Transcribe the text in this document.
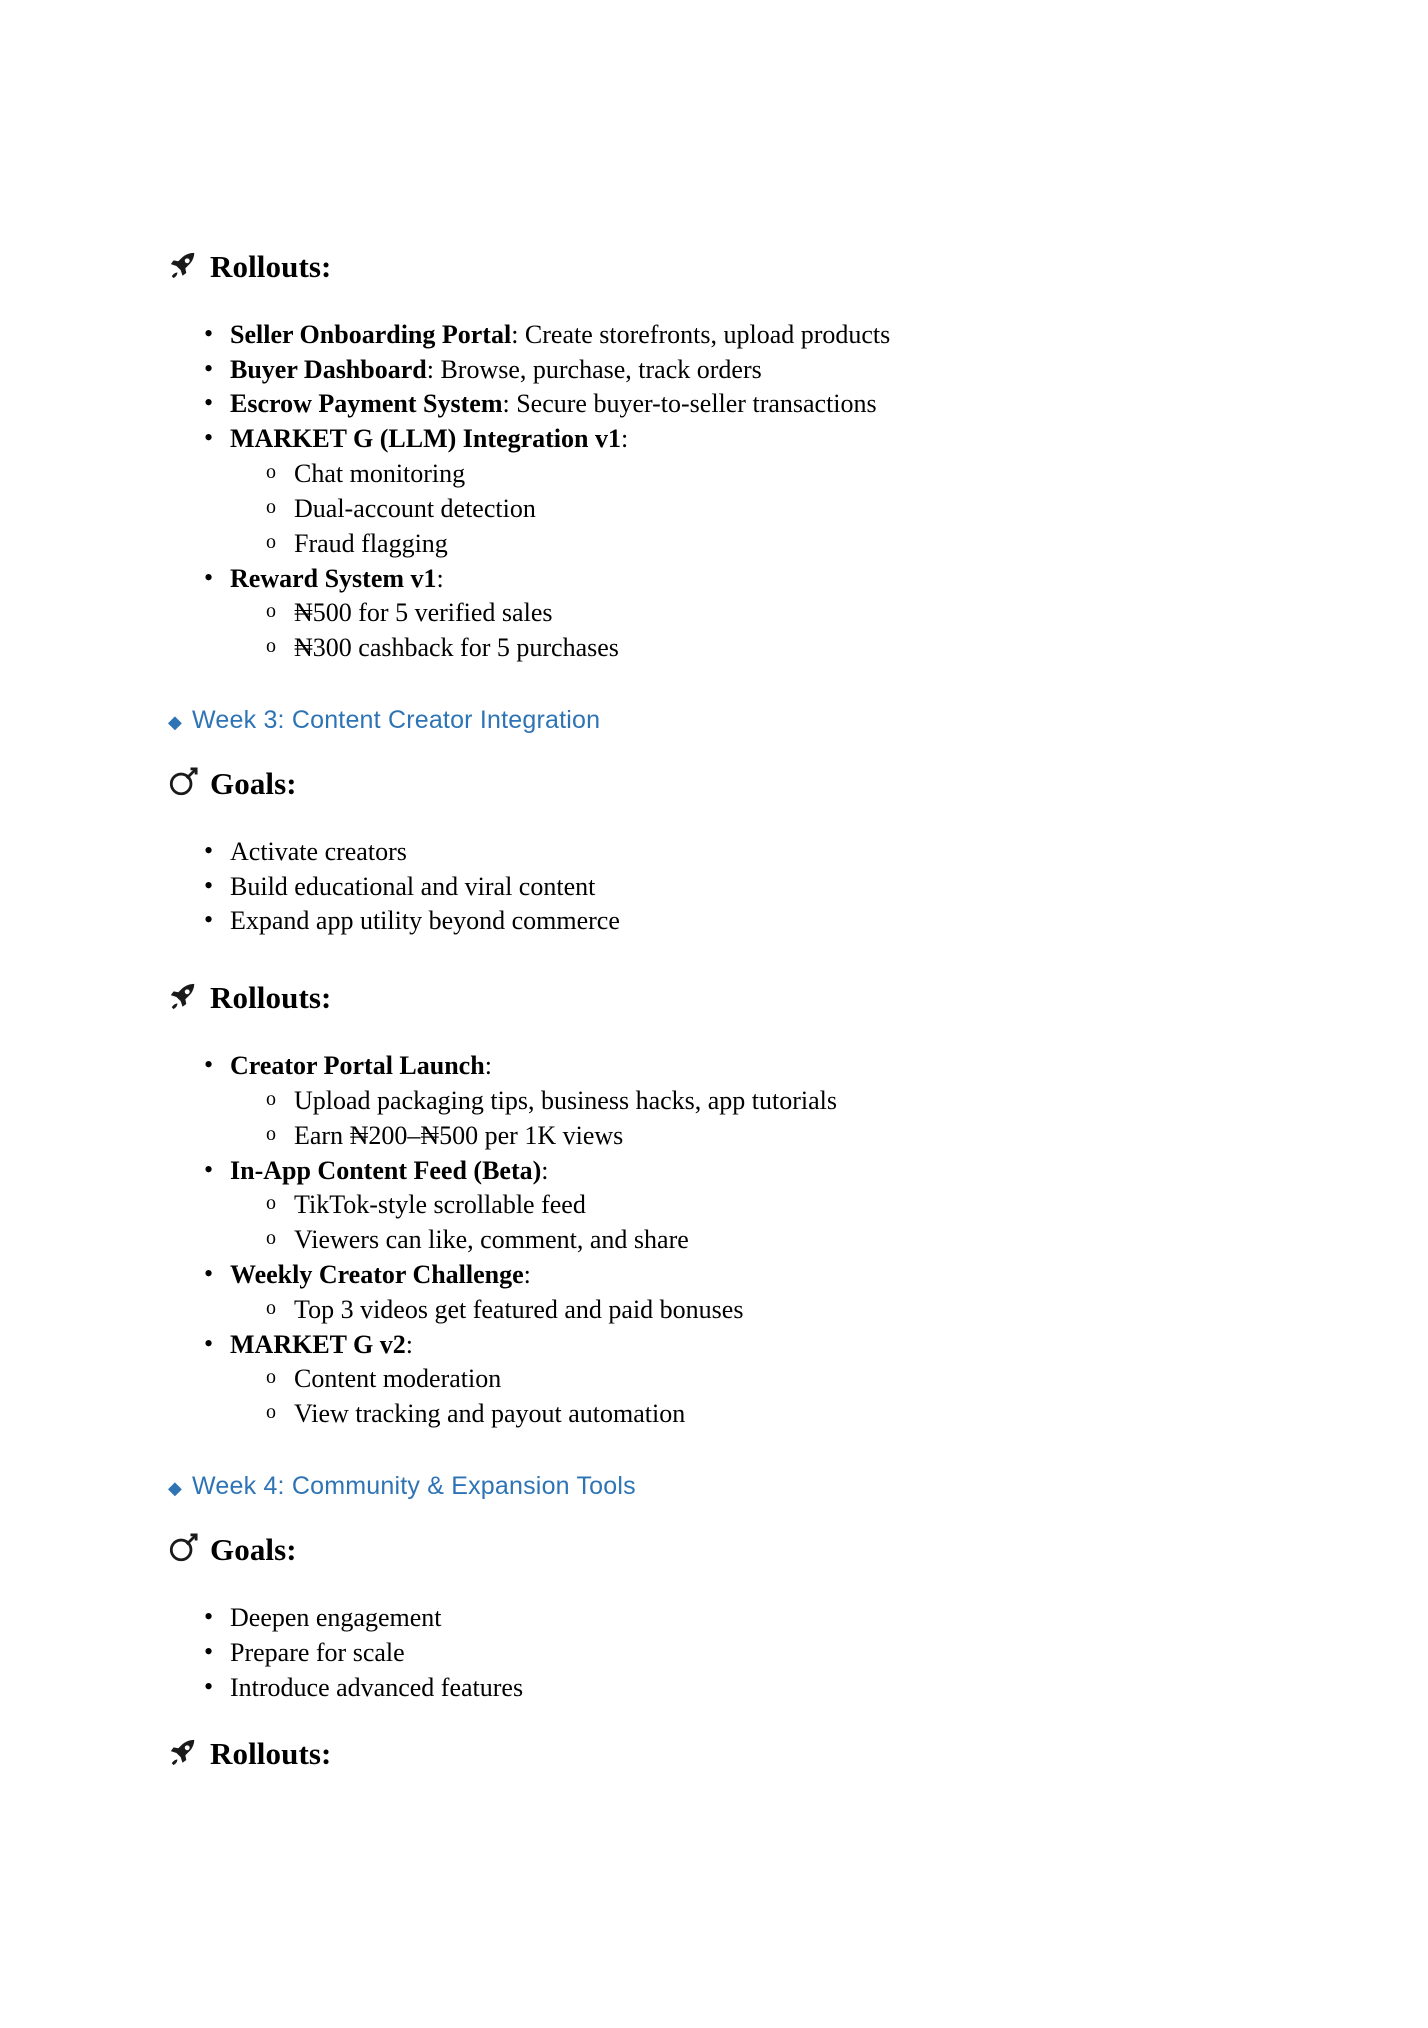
Rollouts:
• Seller Onboarding Portal: Create storefronts, upload products
• Buyer Dashboard: Browse, purchase, track orders
• Escrow Payment System: Secure buyer-to-seller transactions
• MARKET G (LLM) Integration v1:
o Chat monitoring
o Dual-account detection
o Fraud flagging
• Reward System v1:
o ₦500 for 5 verified sales
o ₦300 cashback for 5 purchases
◆ Week 3: Content Creator Integration
Goals:
• Activate creators
• Build educational and viral content
• Expand app utility beyond commerce
Rollouts:
• Creator Portal Launch:
o Upload packaging tips, business hacks, app tutorials
o Earn ₦200–₦500 per 1K views
• In-App Content Feed (Beta):
o TikTok-style scrollable feed
o Viewers can like, comment, and share
• Weekly Creator Challenge:
o Top 3 videos get featured and paid bonuses
• MARKET G v2:
o Content moderation
o View tracking and payout automation
◆ Week 4: Community & Expansion Tools
Goals:
• Deepen engagement
• Prepare for scale
• Introduce advanced features
Rollouts:
